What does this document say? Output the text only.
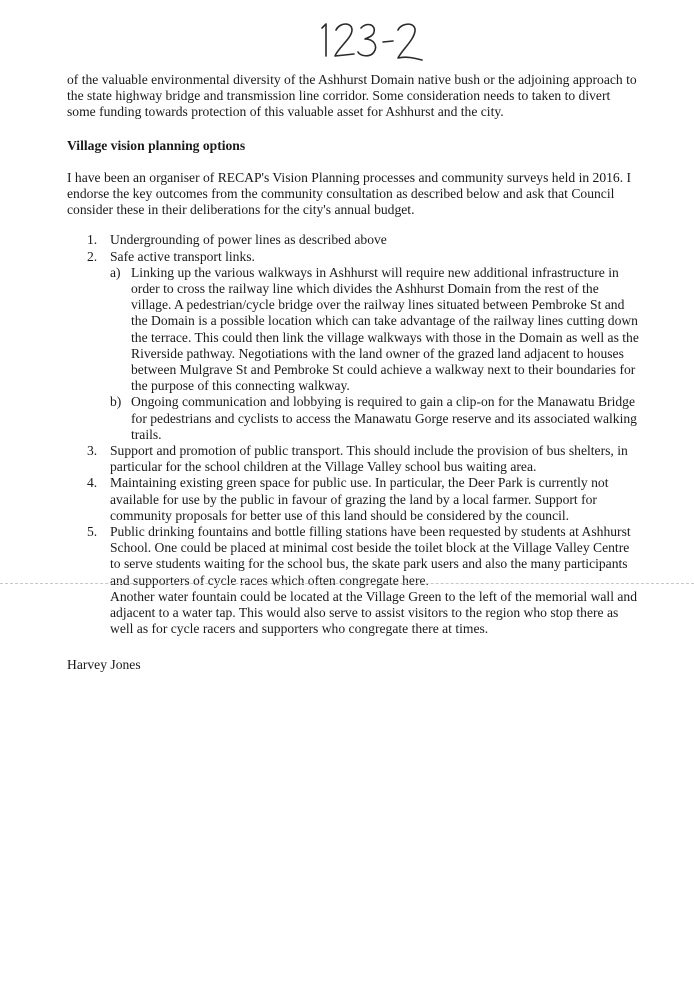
of the valuable environmental diversity of the Ashhurst Domain native bush or the adjoining approach to the state highway bridge and transmission line corridor. Some consideration needs to taken to divert some funding towards protection of this valuable asset for Ashhurst and the city.

Village vision planning options

I have been an organiser of RECAP's Vision Planning processes and community surveys held in 2016. I endorse the key outcomes from the community consultation as described below and ask that Council consider these in their deliberations for the city's annual budget.

1. Undergrounding of power lines as described above
2. Safe active transport links.
a) Linking up the various walkways in Ashhurst will require new additional infrastructure in order to cross the railway line which divides the Ashhurst Domain from the rest of the village. A pedestrian/cycle bridge over the railway lines situated between Pembroke St and the Domain is a possible location which can take advantage of the railway lines cutting down the terrace. This could then link the village walkways with those in the Domain as well as the Riverside pathway. Negotiations with the land owner of the grazed land adjacent to houses between Mulgrave St and Pembroke St could achieve a walkway next to their boundaries for the purpose of this connecting walkway.
b) Ongoing communication and lobbying is required to gain a clip-on for the Manawatu Bridge for pedestrians and cyclists to access the Manawatu Gorge reserve and its associated walking trails.
3. Support and promotion of public transport. This should include the provision of bus shelters, in particular for the school children at the Village Valley school bus waiting area.
4. Maintaining existing green space for public use. In particular, the Deer Park is currently not available for use by the public in favour of grazing the land by a local farmer. Support for community proposals for better use of this land should be considered by the council.
5. Public drinking fountains and bottle filling stations have been requested by students at Ashhurst School. One could be placed at minimal cost beside the toilet block at the Village Valley Centre to serve students waiting for the school bus, the skate park users and also the many participants and supporters of cycle races which often congregate here.
Another water fountain could be located at the Village Green to the left of the memorial wall and adjacent to a water tap. This would also serve to assist visitors to the region who stop there as well as for cycle racers and supporters who congregate there at times.

Harvey Jones
